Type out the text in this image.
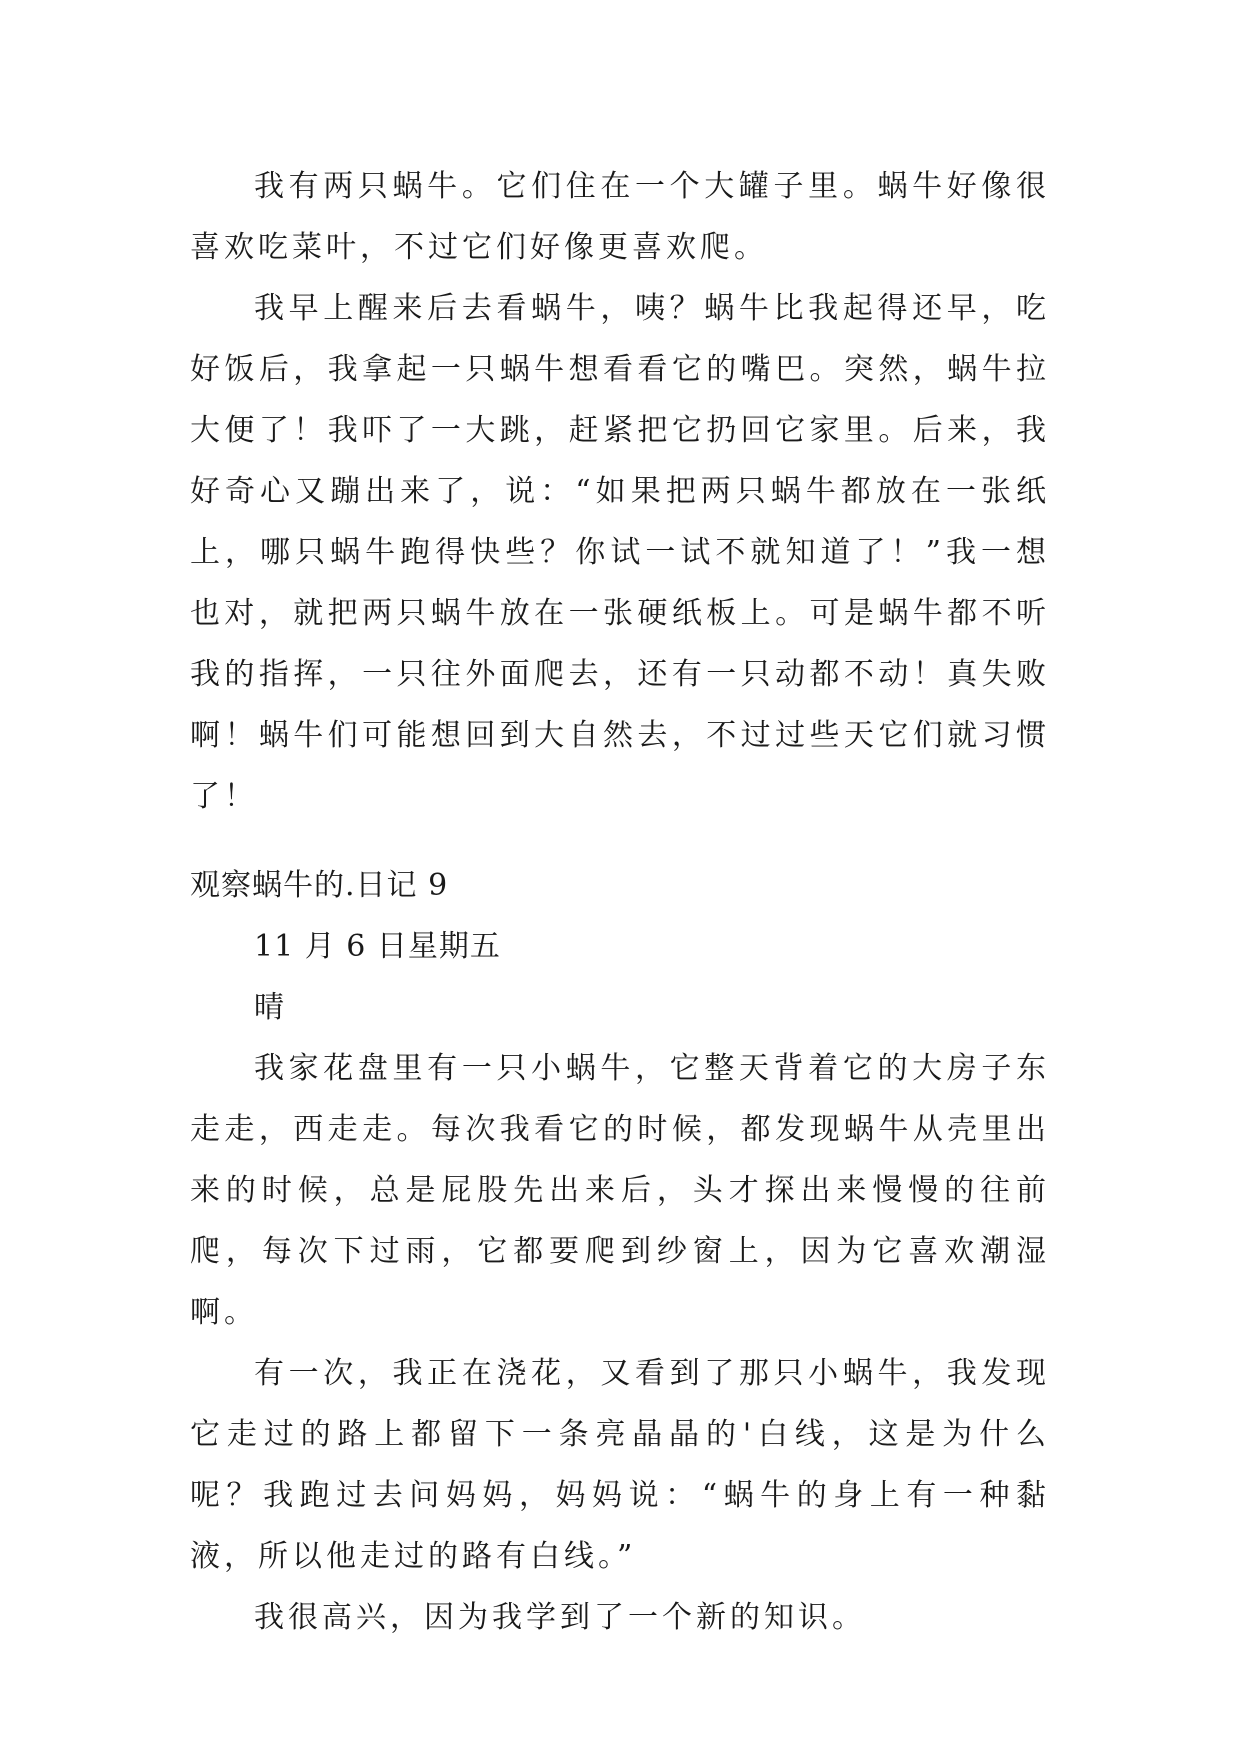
我有两只蜗牛。它们住在一个大罐子里。蜗牛好像很喜欢吃菜叶，不过它们好像更喜欢爬。

我早上醒来后去看蜗牛，咦？蜗牛比我起得还早，吃好饭后，我拿起一只蜗牛想看看它的嘴巴。突然，蜗牛拉大便了！我吓了一大跳，赶紧把它扔回它家里。后来，我好奇心又蹦出来了，说：“如果把两只蜗牛都放在一张纸上，哪只蜗牛跑得快些？你试一试不就知道了！”我一想也对，就把两只蜗牛放在一张硬纸板上。可是蜗牛都不听我的指挥，一只往外面爬去，还有一只动都不动！真失败啊！蜗牛们可能想回到大自然去，不过过些天它们就习惯了！

观察蜗牛的.日记 9

11 月 6 日星期五

晴

我家花盘里有一只小蜗牛，它整天背着它的大房子东走走，西走走。每次我看它的时候，都发现蜗牛从壳里出来的时候，总是屁股先出来后，头才探出来慢慢的往前爬，每次下过雨，它都要爬到纱窗上，因为它喜欢潮湿啊。

有一次，我正在浇花，又看到了那只小蜗牛，我发现它走过的路上都留下一条亮晶晶的'白线，这是为什么呢？我跑过去问妈妈，妈妈说：“蜗牛的身上有一种黏液，所以他走过的路有白线。”

我很高兴，因为我学到了一个新的知识。
